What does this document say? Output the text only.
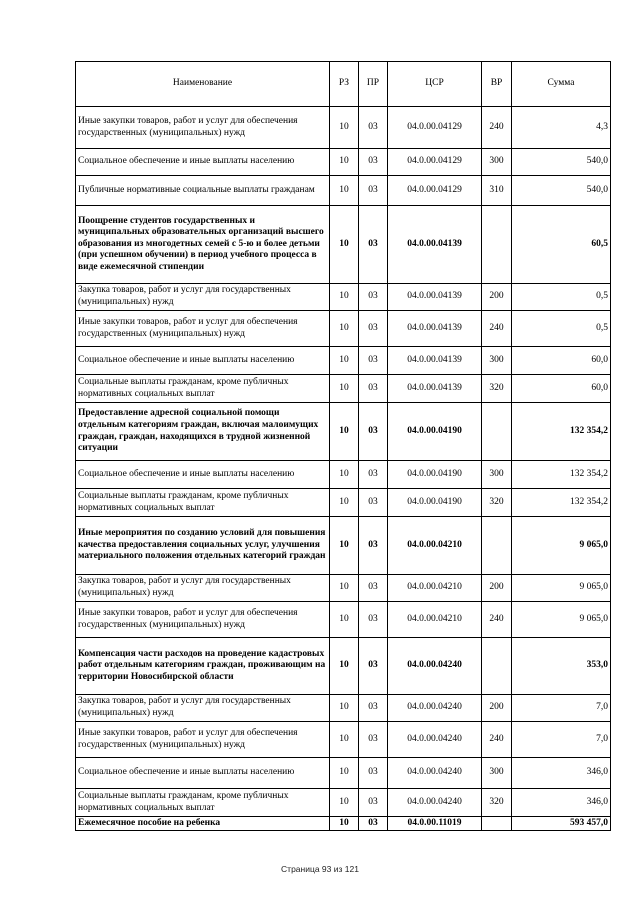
Наименование	РЗ	ПР	ЦСР	ВР	Сумма
Иные закупки товаров, работ и услуг для обеспечения государственных (муниципальных) нужд	10	03	04.0.00.04129	240	4,3
Социальное обеспечение и иные выплаты населению	10	03	04.0.00.04129	300	540,0
Публичные нормативные социальные выплаты гражданам	10	03	04.0.00.04129	310	540,0
Поощрение студентов государственных и муниципальных образовательных организаций высшего образования из многодетных семей с 5-ю и более детьми (при успешном обучении) в период учебного процесса в виде ежемесячной стипендии	10	03	04.0.00.04139		60,5
Закупка товаров, работ и услуг для государственных (муниципальных) нужд	10	03	04.0.00.04139	200	0,5
Иные закупки товаров, работ и услуг для обеспечения государственных (муниципальных) нужд	10	03	04.0.00.04139	240	0,5
Социальное обеспечение и иные выплаты населению	10	03	04.0.00.04139	300	60,0
Социальные выплаты гражданам, кроме публичных нормативных социальных выплат	10	03	04.0.00.04139	320	60,0
Предоставление адресной социальной помощи отдельным категориям граждан, включая малоимущих граждан, граждан, находящихся в трудной жизненной ситуации	10	03	04.0.00.04190		132 354,2
Социальное обеспечение и иные выплаты населению	10	03	04.0.00.04190	300	132 354,2
Социальные выплаты гражданам, кроме публичных нормативных социальных выплат	10	03	04.0.00.04190	320	132 354,2
Иные мероприятия по созданию условий для повышения качества предоставления социальных услуг, улучшения материального положения отдельных категорий граждан	10	03	04.0.00.04210		9 065,0
Закупка товаров, работ и услуг для государственных (муниципальных) нужд	10	03	04.0.00.04210	200	9 065,0
Иные закупки товаров, работ и услуг для обеспечения государственных (муниципальных) нужд	10	03	04.0.00.04210	240	9 065,0
Компенсация части расходов на проведение кадастровых работ отдельным категориям граждан, проживающим на территории Новосибирской области	10	03	04.0.00.04240		353,0
Закупка товаров, работ и услуг для государственных (муниципальных) нужд	10	03	04.0.00.04240	200	7,0
Иные закупки товаров, работ и услуг для обеспечения государственных (муниципальных) нужд	10	03	04.0.00.04240	240	7,0
Социальное обеспечение и иные выплаты населению	10	03	04.0.00.04240	300	346,0
Социальные выплаты гражданам, кроме публичных нормативных социальных выплат	10	03	04.0.00.04240	320	346,0
Ежемесячное пособие на ребенка	10	03	04.0.00.11019		593 457,0
Страница 93 из 121
